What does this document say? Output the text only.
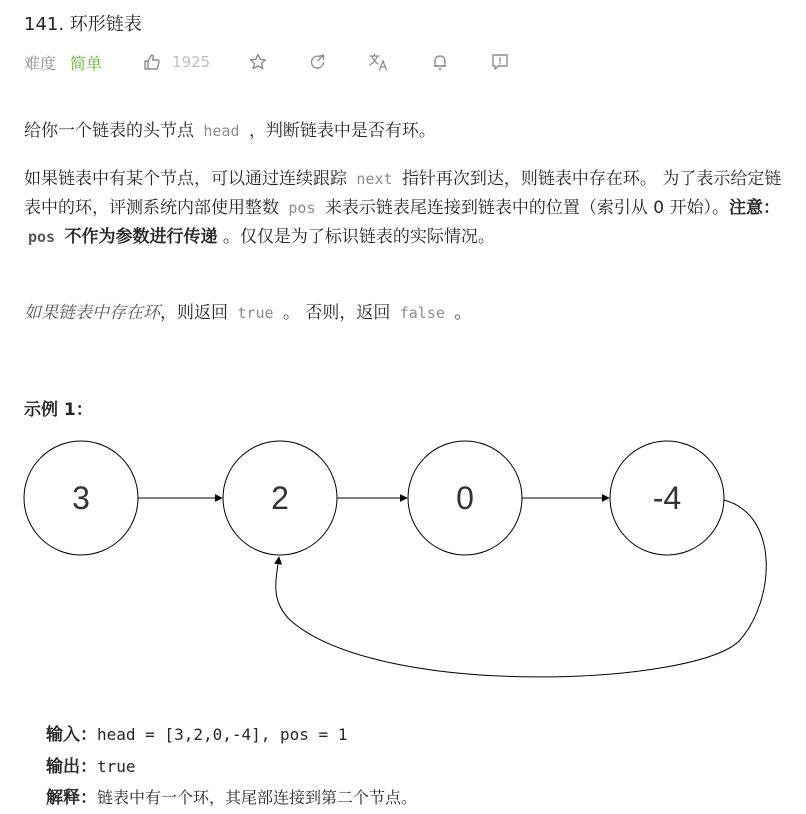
141. 环形链表
难度 简单	1925

给你一个链表的头节点 head ，判断链表中是否有环。

如果链表中有某个节点，可以通过连续跟踪 next 指针再次到达，则链表中存在环。 为了表示给定链表中的环，评测系统内部使用整数 pos 来表示链表尾连接到链表中的位置（索引从 0 开始）。注意： pos 不作为参数进行传递 。仅仅是为了标识链表的实际情况。

如果链表中存在环，则返回 true 。 否则，返回 false 。

示例 1：
3	2	0	-4
输入：head = [3,2,0,-4], pos = 1
输出：true
解释：链表中有一个环，其尾部连接到第二个节点。
